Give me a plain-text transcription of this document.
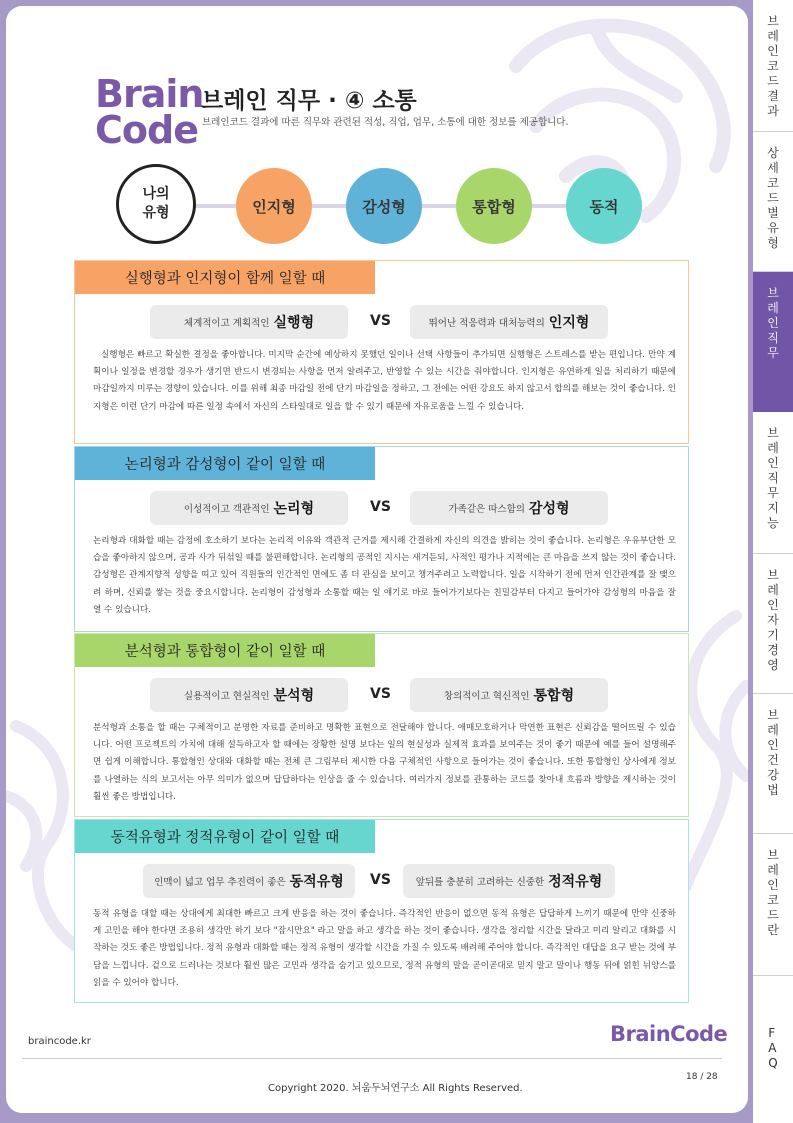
Brain
Code
브레인 직무 · ④ 소통
브레인코드 결과에 따른 직무와 관련된 적성, 직업, 업무, 소통에 대한 정보를 제공합니다.
나의
유형	인지형	감성형	통합형	동적
실행형과 인지형이 함께 일할 때
체계적이고 계획적인 실행형	VS	뛰어난 적응력과 대처능력의 인지형
실행형은 빠르고 확실한 결정을 좋아합니다. 미지막 순간에 예상하지 못했던 일이나 선택 사항들이 추가되면 실행형은 스트레스를 받는 편입니다. 만약 계획이나 일정을 변경할 경우가 생기면 반드시 변경되는 사항을 먼저 알려주고, 반영할 수 있는 시간을 줘야합니다. 인지형은 유연하게 일을 처리하기 때문에 마감일까지 미루는 경향이 있습니다. 이를 위해 최종 마감일 전에 단기 마감일을 정하고, 그 전에는 어떤 강요도 하지 않고서 합의를 해보는 것이 좋습니다. 인지형은 이런 단기 마감에 따른 일정 속에서 자신의 스타일대로 일을 할 수 있기 때문에 자유로움을 느낄 수 있습니다.
논리형과 감성형이 같이 일할 때
이성적이고 객관적인 논리형	VS	가족같은 따스함의 감성형
논리형과 대화할 때는 감정에 호소하기 보다는 논리적 이유와 객관적 근거를 제시해 간결하게 자신의 의견을 밝히는 것이 좋습니다. 논리형은 우유부단한 모습을 좋아하지 않으며, 공과 사가 뒤섞일 때를 불편해합니다. 논리형의 공적인 지시는 새겨듣되, 사적인 평가나 지적에는 큰 마음을 쓰지 않는 것이 좋습니다. 감성형은 관계지향적 성향을 띠고 있어 직원들의 인간적인 면에도 좀 더 관심을 보이고 챙겨주려고 노력합니다. 일을 시작하기 전에 먼저 인간관계를 잘 맺으려 하며, 신뢰를 쌓는 것을 중요시합니다. 논리형이 감성형과 소통할 때는 일 얘기로 바로 들어가기보다는 친밀감부터 다지고 들어가야 감성형의 마음을 잘 열 수 있습니다.
분석형과 통합형이 같이 일할 때
실용적이고 현실적인 분석형	VS	창의적이고 혁신적인 통합형
분석형과 소통을 할 때는 구체적이고 분명한 자료를 준비하고 명확한 표현으로 전달해야 합니다. 애매모호하거나 막연한 표현은 신뢰감을 떨어뜨릴 수 있습니다. 어떤 프로젝트의 가치에 대해 설득하고자 할 때에는 장황한 설명 보다는 일의 현실성과 실제적 효과를 보여주는 것이 좋기 때문에 예를 들어 설명해주면 쉽게 이해합니다. 통합형인 상대와 대화할 때는 전체 큰 그림부터 제시한 다음 구체적인 사항으로 들어가는 것이 좋습니다. 또한 통합형인 상사에게 정보를 나열하는 식의 보고서는 아무 의미가 없으며 답답하다는 인상을 줄 수 있습니다. 여러가지 정보를 관통하는 코드를 찾아내 흐름과 방향을 제시하는 것이 훨씬 좋은 방법입니다.
동적유형과 정적유형이 같이 일할 때
인맥이 넓고 업무 추진력이 좋은 동적유형 VS	앞뒤를 충분히 고려하는 신중한 정적유형
동적 유형을 대할 때는 상대에게 최대한 빠르고 크게 반응을 하는 것이 좋습니다. 즉각적인 반응이 없으면 동적 유형은 답답하게 느끼기 때문에 만약 신중하게 고민을 해야 한다면 조용히 생각만 하기 보다 "잠시만요" 라고 말을 하고 생각을 하는 것이 좋습니다. 생각을 정리할 시간을 달라고 미리 알리고 대화를 시작하는 것도 좋은 방법입니다. 정적 유형과 대화할 때는 정적 유형이 생각할 시간을 가질 수 있도록 배려해 주어야 합니다. 즉각적인 대답을 요구 받는 것에 부담을 느낍니다. 겉으로 드러나는 것보다 훨씬 많은 고민과 생각을 숨기고 있으므로, 정적 유형의 말을 곧이곧대로 믿지 말고 말이나 행동 뒤에 얽힌 뉘앙스를 읽을 수 있어야 합니다.
braincode.kr	BrainCode
18 / 28
Copyright 2020. 뇌움두뇌연구소 All Rights Reserved.
브
레
인
코
드
결
과
상
세
코
드
별
유
형
브
레
인
직
무
브
레
인
직
무
지
능
브
레
인
자
기
경
영
브
레
인
건
강
법
브
레
인
코
드
란
F
A
Q
